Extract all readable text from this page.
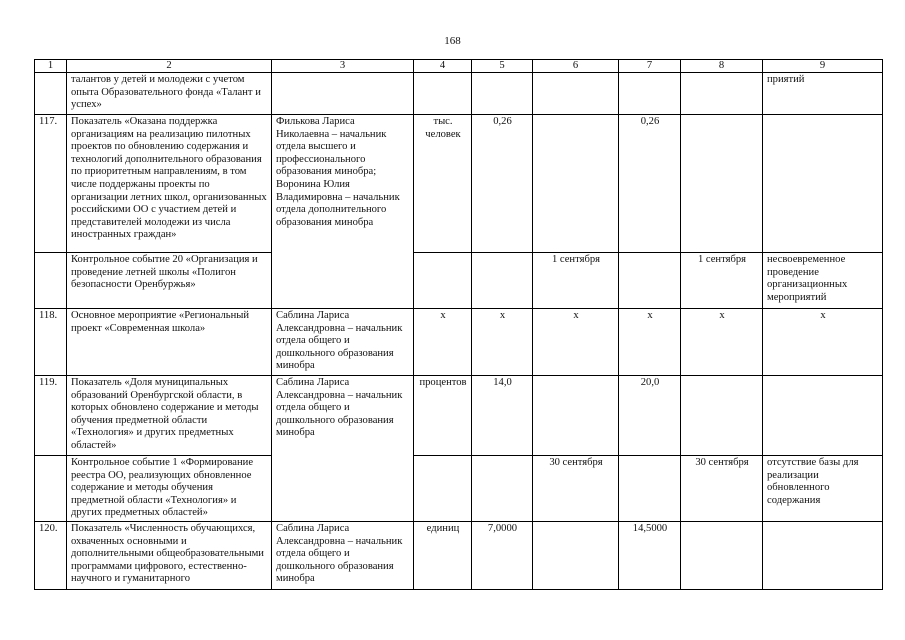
168
1	2	3	4	5	6	7	8	9
	талантов у детей и молодежи с учетом опыта Образовательного фонда «Талант и успех»							приятий
117.	Показатель «Оказана поддержка организациям на реализацию пилотных проектов по обновлению содержания и технологий дополнительного образования по приоритетным направлениям, в том числе поддержаны проекты по организации летних школ, организованных российскими ОО с участием детей и представителей молодежи из числа иностранных граждан»	Филькова Лариса Николаевна – начальник отдела высшего и профессионального образования минобра; Воронина Юлия Владимировна – начальник отдела дополнительного образования минобра	тыс. человек	0,26		0,26		
	Контрольное событие 20 «Организация и проведение летней школы «Полигон безопасности Оренбуржья»				1 сентября		1 сентября	несвоевременное проведение организационных мероприятий
118.	Основное мероприятие «Региональный проект «Современная школа»	Саблина Лариса Александровна – начальник отдела общего и дошкольного образования минобра	х	х	х	х	х	х
119.	Показатель «Доля муниципальных образований Оренбургской области, в которых обновлено содержание и методы обучения предметной области «Технология» и других предметных областей»	Саблина Лариса Александровна – начальник отдела общего и дошкольного образования минобра	процентов	14,0		20,0		
	Контрольное событие 1 «Формирование реестра ОО, реализующих обновленное содержание и методы обучения предметной области «Технология» и других предметных областей»				30 сентября		30 сентября	отсутствие базы для реализации обновленного содержания
120.	Показатель «Численность обучающихся, охваченных основными и дополнительными общеобразовательными программами цифрового, естественно-научного и гуманитарного	Саблина Лариса Александровна – начальник отдела общего и дошкольного образования минобра	единиц	7,0000		14,5000		
